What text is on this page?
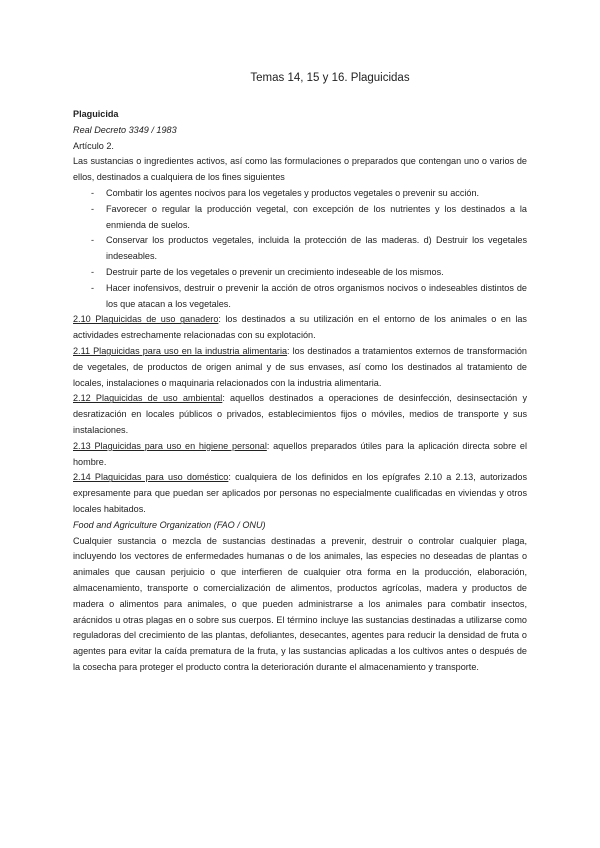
Temas 14, 15 y 16. Plaguicidas

Plaguicida

Real Decreto 3349 / 1983

Artículo 2.

Las sustancias o ingredientes activos, así como las formulaciones o preparados que contengan uno o varios de ellos, destinados a cualquiera de los fines siguientes

- Combatir los agentes nocivos para los vegetales y productos vegetales o prevenir su acción.
- Favorecer o regular la producción vegetal, con excepción de los nutrientes y los destinados a la enmienda de suelos.
- Conservar los productos vegetales, incluida la protección de las maderas. d) Destruir los vegetales indeseables.
- Destruir parte de los vegetales o prevenir un crecimiento indeseable de los mismos.
- Hacer inofensivos, destruir o prevenir la acción de otros organismos nocivos o indeseables distintos de los que atacan a los vegetales.

2.10 Plaguicidas de uso ganadero: los destinados a su utilización en el entorno de los animales o en las actividades estrechamente relacionadas con su explotación.

2.11 Plaguicidas para uso en la industria alimentaria: los destinados a tratamientos externos de transformación de vegetales, de productos de origen animal y de sus envases, así como los destinados al tratamiento de locales, instalaciones o maquinaria relacionados con la industria alimentaria.

2.12 Plaguicidas de uso ambiental: aquellos destinados a operaciones de desinfección, desinsectación y desratización en locales públicos o privados, establecimientos fijos o móviles, medios de transporte y sus instalaciones.

2.13 Plaguicidas para uso en higiene personal: aquellos preparados útiles para la aplicación directa sobre el hombre.

2.14 Plaguicidas para uso doméstico: cualquiera de los definidos en los epígrafes 2.10 a 2.13, autorizados expresamente para que puedan ser aplicados por personas no especialmente cualificadas en viviendas y otros locales habitados.

Food and Agriculture Organization (FAO / ONU)

Cualquier sustancia o mezcla de sustancias destinadas a prevenir, destruir o controlar cualquier plaga, incluyendo los vectores de enfermedades humanas o de los animales, las especies no deseadas de plantas o animales que causan perjuicio o que interfieren de cualquier otra forma en la producción, elaboración, almacenamiento, transporte o comercialización de alimentos, productos agrícolas, madera y productos de madera o alimentos para animales, o que pueden administrarse a los animales para combatir insectos, arácnidos u otras plagas en o sobre sus cuerpos. El término incluye las sustancias destinadas a utilizarse como reguladoras del crecimiento de las plantas, defoliantes, desecantes, agentes para reducir la densidad de fruta o agentes para evitar la caída prematura de la fruta, y las sustancias aplicadas a los cultivos antes o después de la cosecha para proteger el producto contra la deterioración durante el almacenamiento y transporte.
